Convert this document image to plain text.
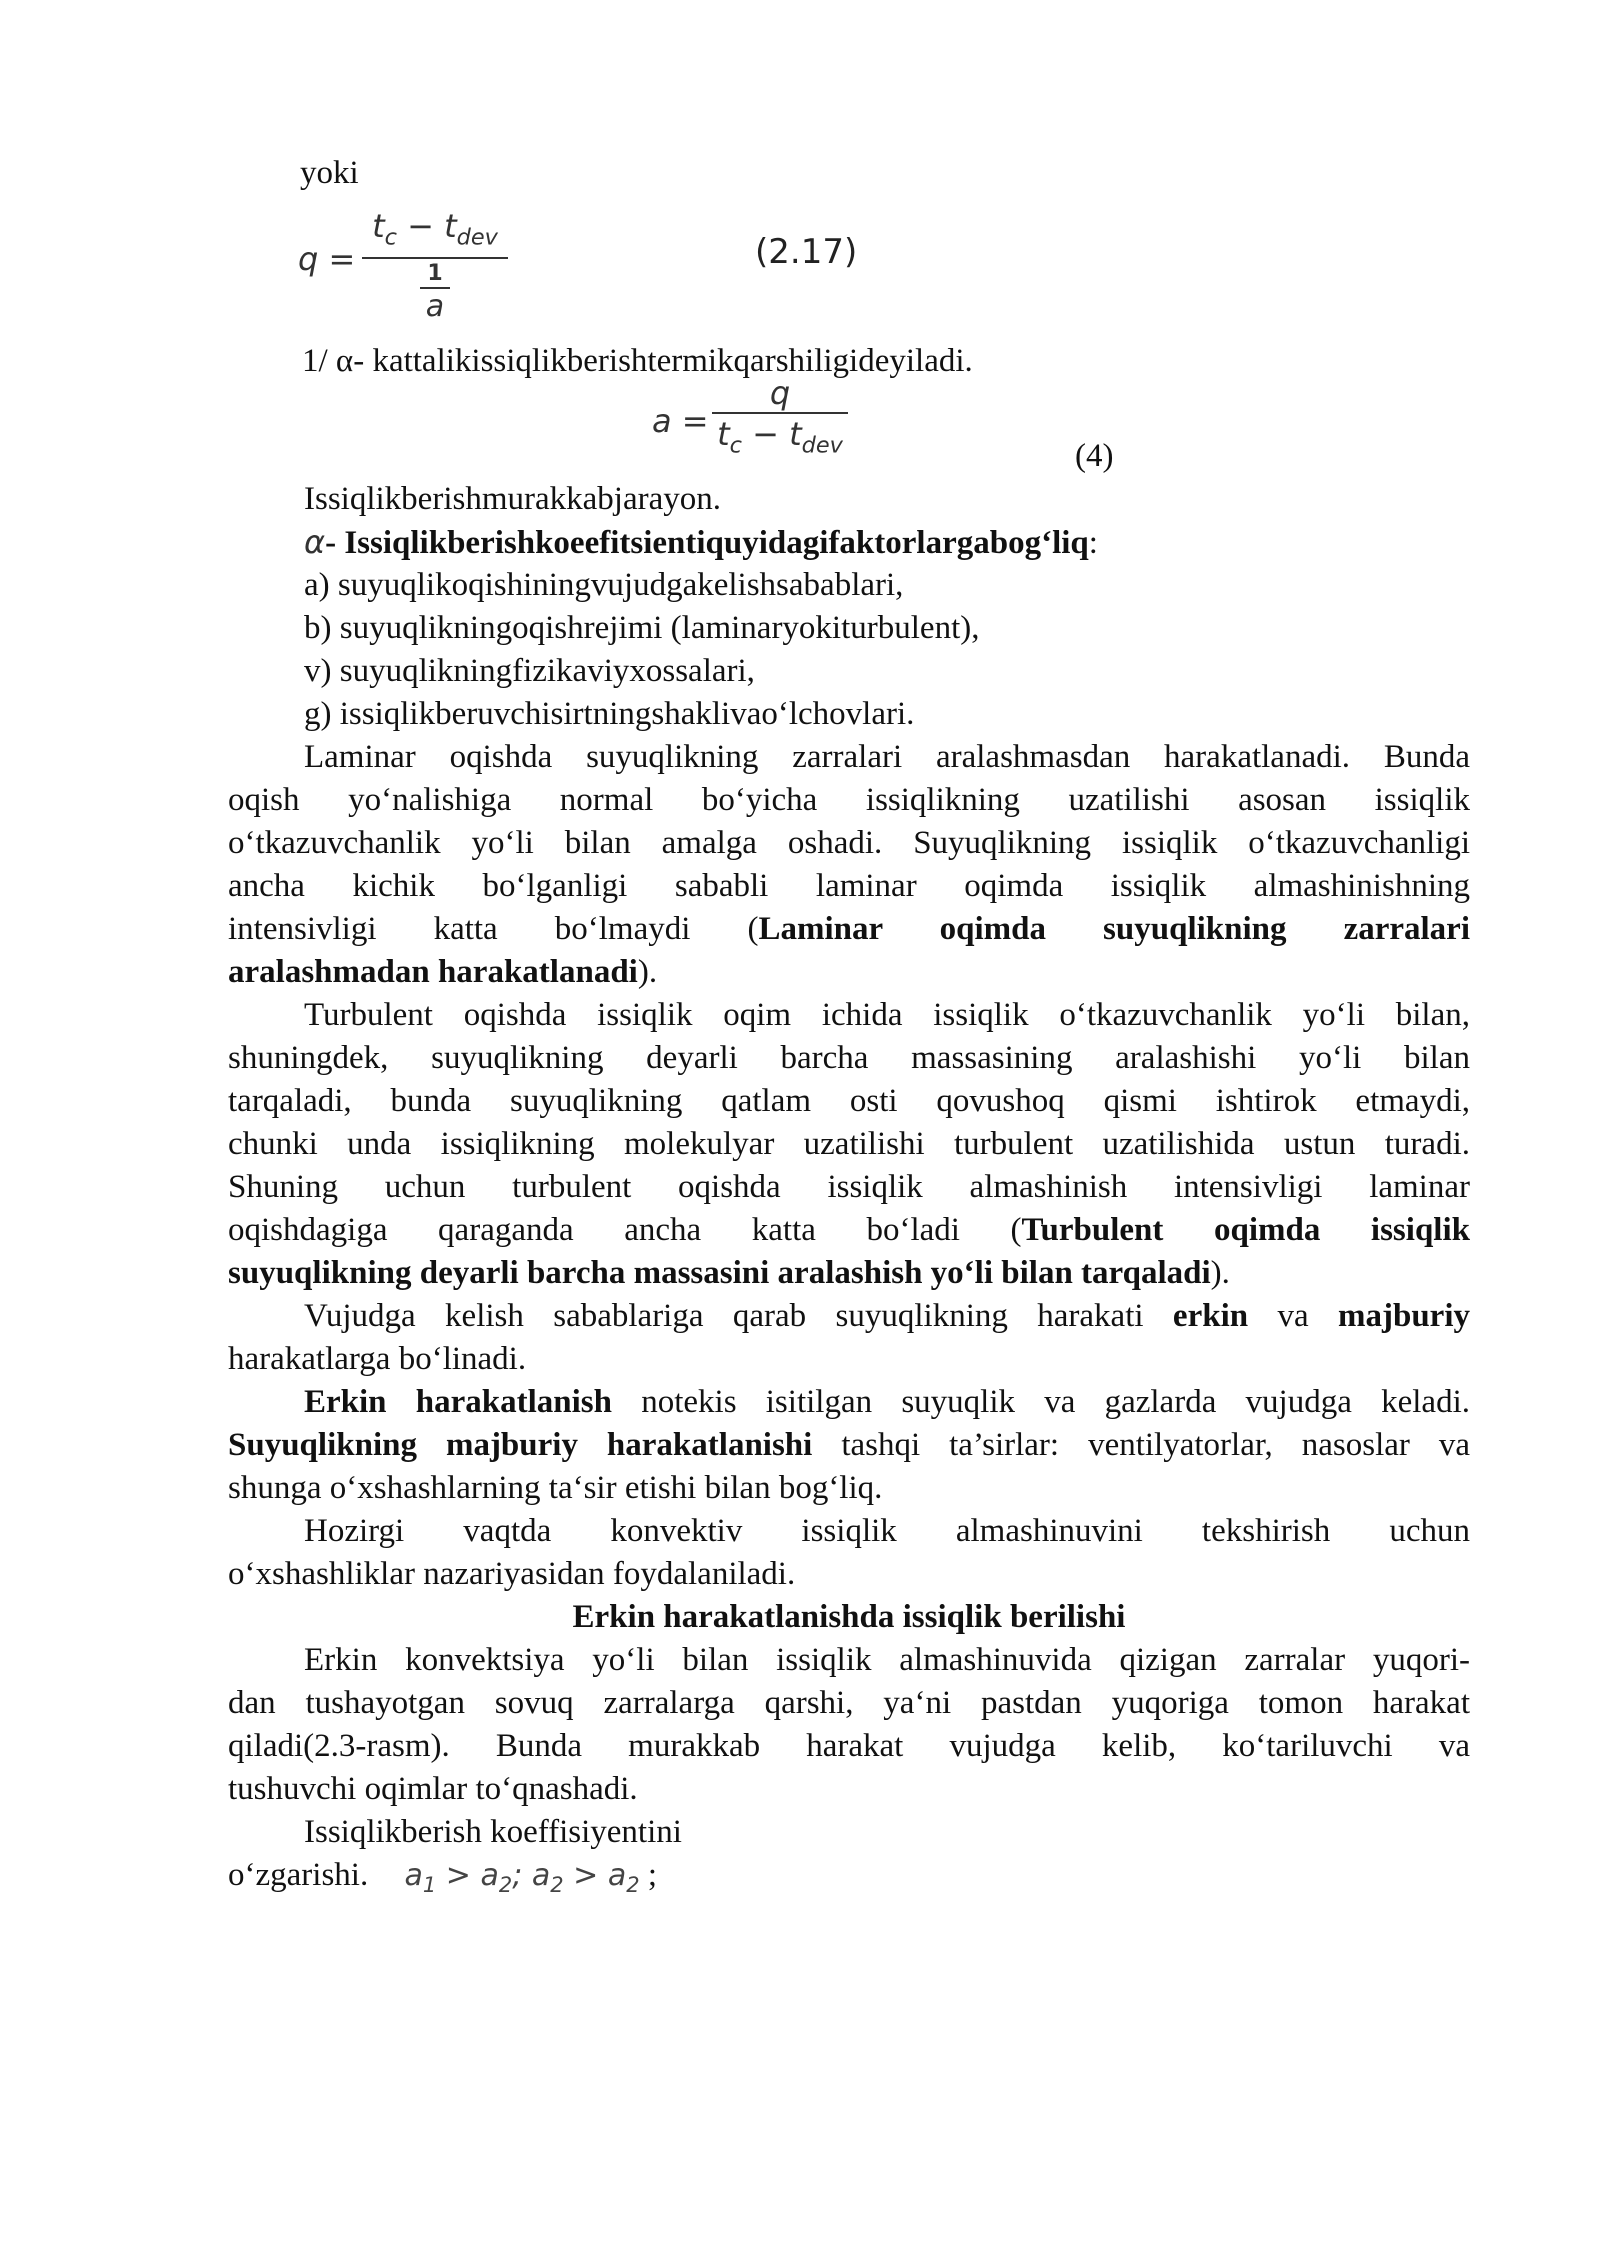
yoki
q =
$t_c - t_{dev}$
1
a
(2.17)
1/ α- kattalikissiqlikberishtermikqarshiligideyiladi.
a =
q
$t_c - t_{dev}$	(4)
Issiqlikberishmurakkabjarayon.
α- Issiqlikberishkoeefitsientiquyidagifaktorlargabog‘liq:
a) suyuqlikoqishiningvujudgakelishsabablari,
b) suyuqlikningoqishrejimi (laminaryokiturbulent),
v) suyuqlikningfizikaviyxossalari,
g) issiqlikberuvchisirtningshaklivao‘lchovlari.
Laminar oqishda suyuqlikning zarralari aralashmasdan harakatlanadi. Bunda
oqish yo‘nalishiga normal bo‘yicha issiqlikning uzatilishi asosan issiqlik
o‘tkazuvchanlik yo‘li bilan amalga oshadi. Suyuqlikning issiqlik o‘tkazuvchanligi
ancha kichik bo‘lganligi sababli laminar oqimda issiqlik almashinishning
intensivligi katta bo‘lmaydi (Laminar oqimda suyuqlikning zarralari
aralashmadan harakatlanadi).
Turbulent oqishda issiqlik oqim ichida issiqlik o‘tkazuvchanlik yo‘li bilan,
shuningdek, suyuqlikning deyarli barcha massasining aralashishi yo‘li bilan
tarqaladi, bunda suyuqlikning qatlam osti qovushoq qismi ishtirok etmaydi,
chunki unda issiqlikning molekulyar uzatilishi turbulent uzatilishida ustun turadi.
Shuning uchun turbulent oqishda issiqlik almashinish intensivligi laminar
oqishdagiga qaraganda ancha katta bo‘ladi (Turbulent oqimda issiqlik
suyuqlikning deyarli barcha massasini aralashish yo‘li bilan tarqaladi).
Vujudga kelish sabablariga qarab suyuqlikning harakati erkin va majburiy
harakatlarga bo‘linadi.
Erkin harakatlanish notekis isitilgan suyuqlik va gazlarda vujudga keladi.
Suyuqlikning majburiy harakatlanishi tashqi ta’sirlar: ventilyatorlar, nasoslar va
shunga o‘xshashlarning ta‘sir etishi bilan bog‘liq.
Hozirgi vaqtda konvektiv issiqlik almashinuvini tekshirish uchun
o‘xshashliklar nazariyasidan foydalaniladi.
Erkin harakatlanishda issiqlik berilishi
Erkin konvektsiya yo‘li bilan issiqlik almashinuvida qizigan zarralar yuqori-
dan tushayotgan sovuq zarralarga qarshi, ya‘ni pastdan yuqoriga tomon harakat
qiladi(2.3-rasm). Bunda murakkab harakat vujudga kelib, ko‘tariluvchi va
tushuvchi oqimlar to‘qnashadi.
Issiqlikberish koeffisiyentini
o‘zgarishi. $a_1 > a_2$; $a_2 > a_2$ ;
